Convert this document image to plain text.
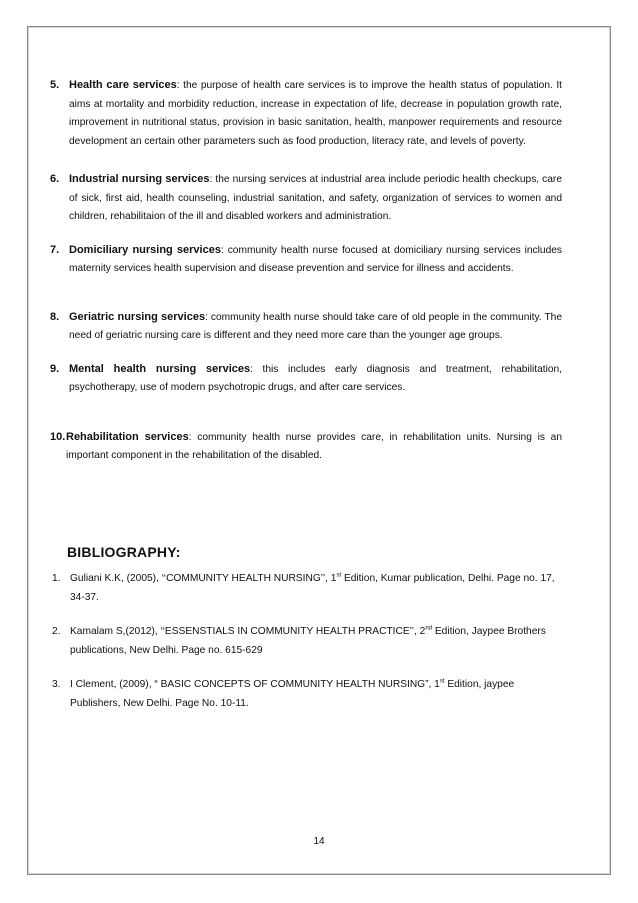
5. Health care services: the purpose of health care services is to improve the health status of population. It aims at mortality and morbidity reduction, increase in expectation of life, decrease in population growth rate, improvement in nutritional status, provision in basic sanitation, health, manpower requirements and resource development an certain other parameters such as food production, literacy rate, and levels of poverty.
6. Industrial nursing services: the nursing services at industrial area include periodic health checkups, care of sick, first aid, health counseling, industrial sanitation, and safety, organization of services to women and children, rehabilitaion of the ill and disabled workers and administration.
7. Domiciliary nursing services: community health nurse focused at domiciliary nursing services includes maternity services health supervision and disease prevention and service for illness and accidents.
8. Geriatric nursing services: community health nurse should take care of old people in the community. The need of geriatric nursing care is different and they need more care than the younger age groups.
9. Mental health nursing services: this includes early diagnosis and treatment, rehabilitation, psychotherapy, use of modern psychotropic drugs, and after care services.
10. Rehabilitation services: community health nurse provides care, in rehabilitation units. Nursing is an important component in the rehabilitation of the disabled.
BIBLIOGRAPHY:
1. Guliani K.K, (2005), ‘‘COMMUNITY HEALTH NURSING’’, 1st Edition, Kumar publication, Delhi. Page no. 17, 34-37.
2. Kamalam S,(2012), ‘‘ESSENSTIALS IN COMMUNITY HEALTH PRACTICE’’, 2nd Edition, Jaypee Brothers publications, New Delhi. Page no. 615-629
3. I Clement, (2009), “ BASIC CONCEPTS OF COMMUNITY HEALTH NURSING”, 1st Edition, jaypee Publishers, New Delhi. Page No. 10-11.
14
